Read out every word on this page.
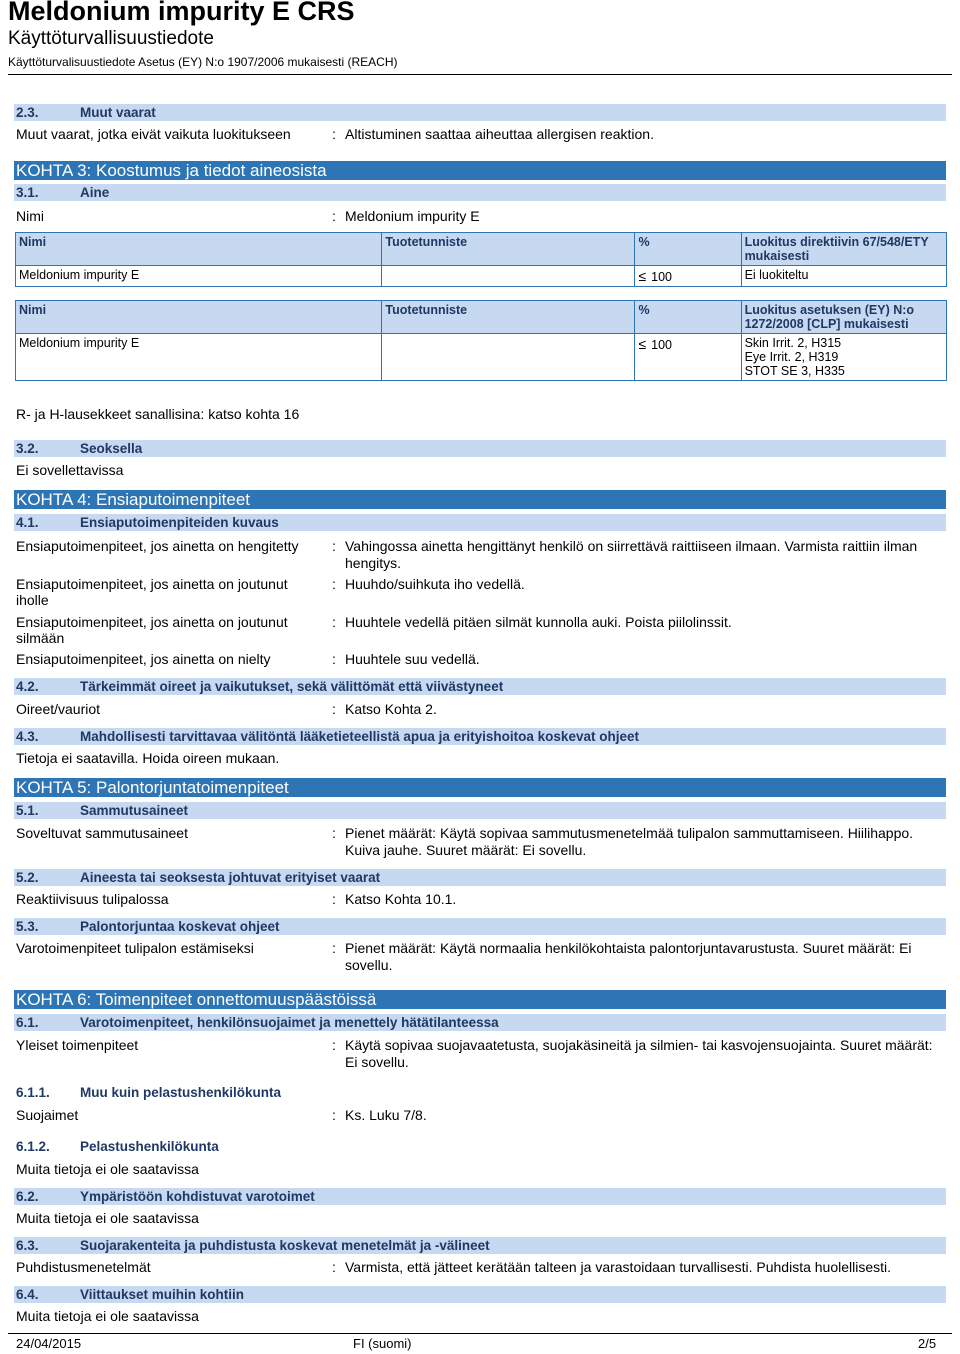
Meldonium impurity E CRS
Käyttöturvallisuustiedote
Käyttöturvalisuustiedote Asetus (EY) N:o 1907/2006 mukaisesti (REACH)
2.3.	Muut vaarat
Muut vaarat, jotka eivät vaikuta luokitukseen	: Altistuminen saattaa aiheuttaa allergisen reaktion.
KOHTA 3: Koostumus ja tiedot aineosista
3.1.	Aine
Nimi	: Meldonium impurity E
Nimi	Tuotetunniste	%	Luokitus direktiivin 67/548/ETY mukaisesti
Meldonium impurity E		≤ 100	Ei luokiteltu
Nimi	Tuotetunniste	%	Luokitus asetuksen (EY) N:o 1272/2008 [CLP] mukaisesti
Meldonium impurity E		≤ 100	Skin Irrit. 2, H315
Eye Irrit. 2, H319
STOT SE 3, H335
R- ja H-lausekkeet sanallisina: katso kohta 16
3.2.	Seoksella
Ei sovellettavissa
KOHTA 4: Ensiaputoimenpiteet
4.1.	Ensiaputoimenpiteiden kuvaus
Ensiaputoimenpiteet, jos ainetta on hengitetty	: Vahingossa ainetta hengittänyt henkilö on siirrettävä raittiiseen ilmaan. Varmista raittiin ilman hengitys.
Ensiaputoimenpiteet, jos ainetta on joutunut iholle
: Huuhdo/suihkuta iho vedellä.
Ensiaputoimenpiteet, jos ainetta on joutunut silmään
: Huuhtele vedellä pitäen silmät kunnolla auki. Poista piilolinssit.
Ensiaputoimenpiteet, jos ainetta on nielty	: Huuhtele suu vedellä.
4.2.	Tärkeimmät oireet ja vaikutukset, sekä välittömät että viivästyneet
Oireet/vauriot	: Katso Kohta 2.
4.3.	Mahdollisesti tarvittavaa välitöntä lääketieteellistä apua ja erityishoitoa koskevat ohjeet
Tietoja ei saatavilla. Hoida oireen mukaan.
KOHTA 5: Palontorjuntatoimenpiteet
5.1.	Sammutusaineet
Soveltuvat sammutusaineet	: Pienet määrät: Käytä sopivaa sammutusmenetelmää tulipalon sammuttamiseen. Hiilihappo. Kuiva jauhe. Suuret määrät: Ei sovellu.
5.2.	Aineesta tai seoksesta johtuvat erityiset vaarat
Reaktiivisuus tulipalossa	: Katso Kohta 10.1.
5.3.	Palontorjuntaa koskevat ohjeet
Varotoimenpiteet tulipalon estämiseksi	: Pienet määrät: Käytä normaalia henkilökohtaista palontorjuntavarustusta. Suuret määrät: Ei sovellu.
KOHTA 6: Toimenpiteet onnettomuuspäästöissä
6.1.	Varotoimenpiteet, henkilönsuojaimet ja menettely hätätilanteessa
Yleiset toimenpiteet	: Käytä sopivaa suojavaatetusta, suojakäsineitä ja silmien- tai kasvojensuojainta. Suuret määrät: Ei sovellu.
6.1.1. Muu kuin pelastushenkilökunta
Suojaimet	: Ks. Luku 7/8.
6.1.2. Pelastushenkilökunta
Muita tietoja ei ole saatavissa
6.2.	Ympäristöön kohdistuvat varotoimet
Muita tietoja ei ole saatavissa
6.3.	Suojarakenteita ja puhdistusta koskevat menetelmät ja -välineet
Puhdistusmenetelmät	: Varmista, että jätteet kerätään talteen ja varastoidaan turvallisesti. Puhdista huolellisesti.
6.4.	Viittaukset muihin kohtiin
Muita tietoja ei ole saatavissa
24/04/2015	FI (suomi)	2/5
